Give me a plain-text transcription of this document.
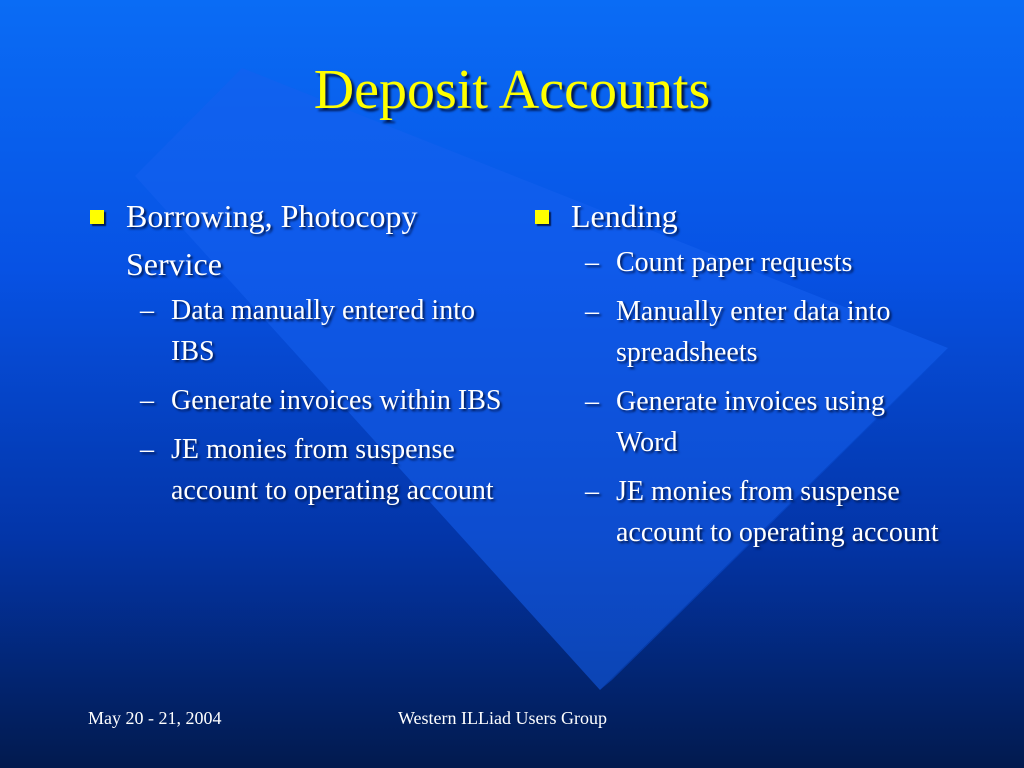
Deposit Accounts
Borrowing, Photocopy Service
– Data manually entered into IBS
– Generate invoices within IBS
– JE monies from suspense account to operating account
Lending
– Count paper requests
– Manually enter data into spreadsheets
– Generate invoices using Word
– JE monies from suspense account to operating account
May 20 - 21, 2004	Western ILLiad Users Group
